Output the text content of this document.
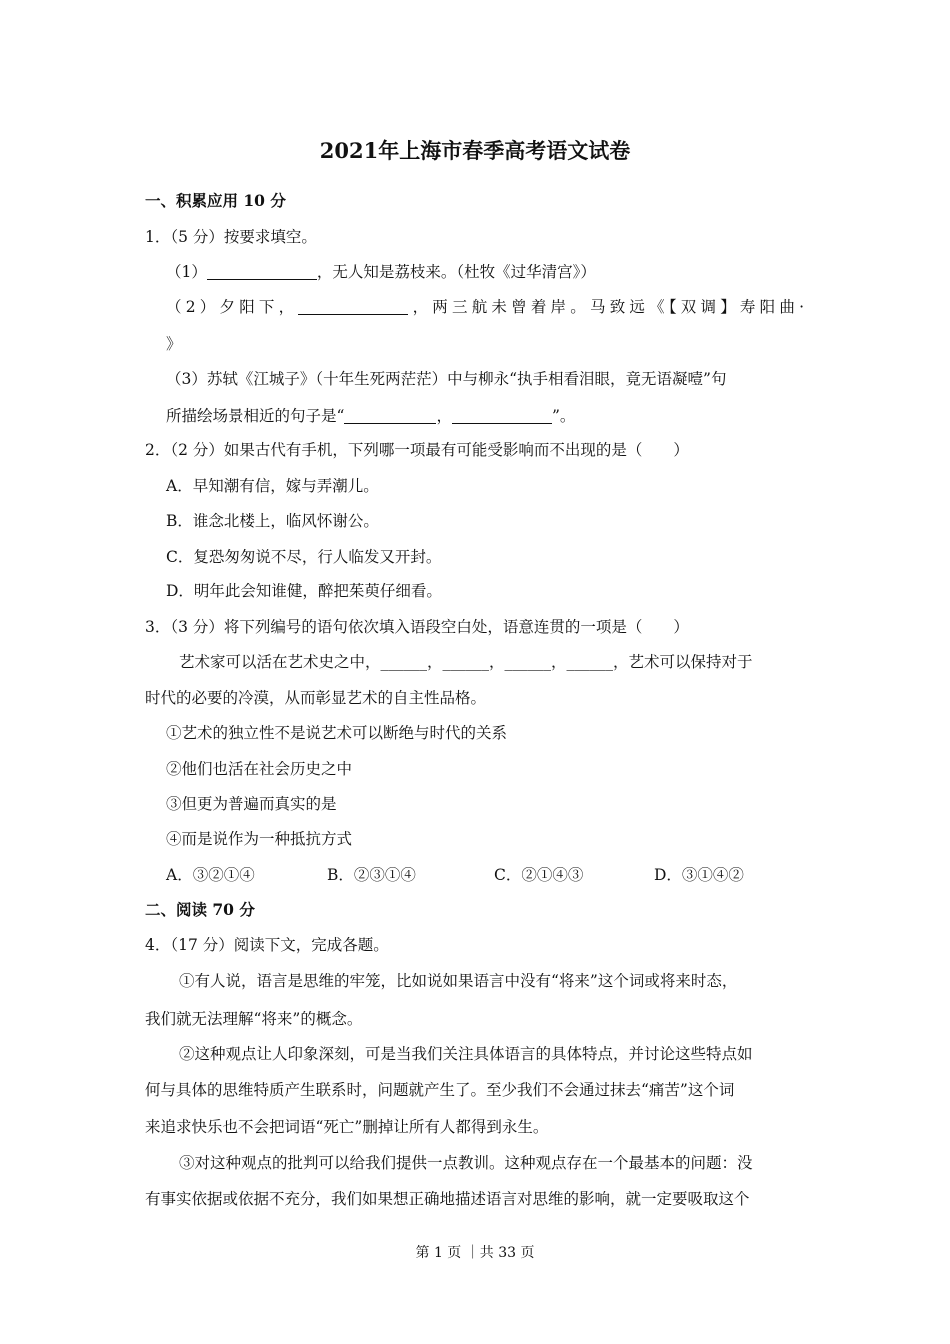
2021年上海市春季高考语文试卷
一、积累应用 10 分
1．（5 分）按要求填空。
（1）	，无人知是荔枝来。（杜牧《过华清宫》）
（2）夕阳下，	，两三航未曾着岸。马致远《【双调】寿阳曲·
》
（3）苏轼《江城子》（十年生死两茫茫）中与柳永“执手相看泪眼，竟无语凝噎”句
所描绘场景相近的句子是“	，	”。
2．（2 分）如果古代有手机，下列哪一项最有可能受影响而不出现的是（　　）
A．早知潮有信，嫁与弄潮儿。
B．谁念北楼上，临风怀谢公。
C．复恐匆匆说不尽，行人临发又开封。
D．明年此会知谁健，醉把茱萸仔细看。
3．（3 分）将下列编号的语句依次填入语段空白处，语意连贯的一项是（　　）
艺术家可以活在艺术史之中，______，______，______，______，艺术可以保持对于
时代的必要的冷漠，从而彰显艺术的自主性品格。
①艺术的独立性不是说艺术可以断绝与时代的关系
②他们也活在社会历史之中
③但更为普遍而真实的是
④而是说作为一种抵抗方式
A．③②①④	B．②③①④	C．②①④③	D．③①④②
二、阅读 70 分
4．（17 分）阅读下文，完成各题。
①有人说，语言是思维的牢笼，比如说如果语言中没有“将来”这个词或将来时态，
我们就无法理解“将来”的概念。
②这种观点让人印象深刻，可是当我们关注具体语言的具体特点，并讨论这些特点如
何与具体的思维特质产生联系时，问题就产生了。至少我们不会通过抹去“痛苦”这个词
来追求快乐也不会把词语“死亡”删掉让所有人都得到永生。
③对这种观点的批判可以给我们提供一点教训。这种观点存在一个最基本的问题：没
有事实依据或依据不充分，我们如果想正确地描述语言对思维的影响，就一定要吸取这个
第 1 页 ｜共 33 页
